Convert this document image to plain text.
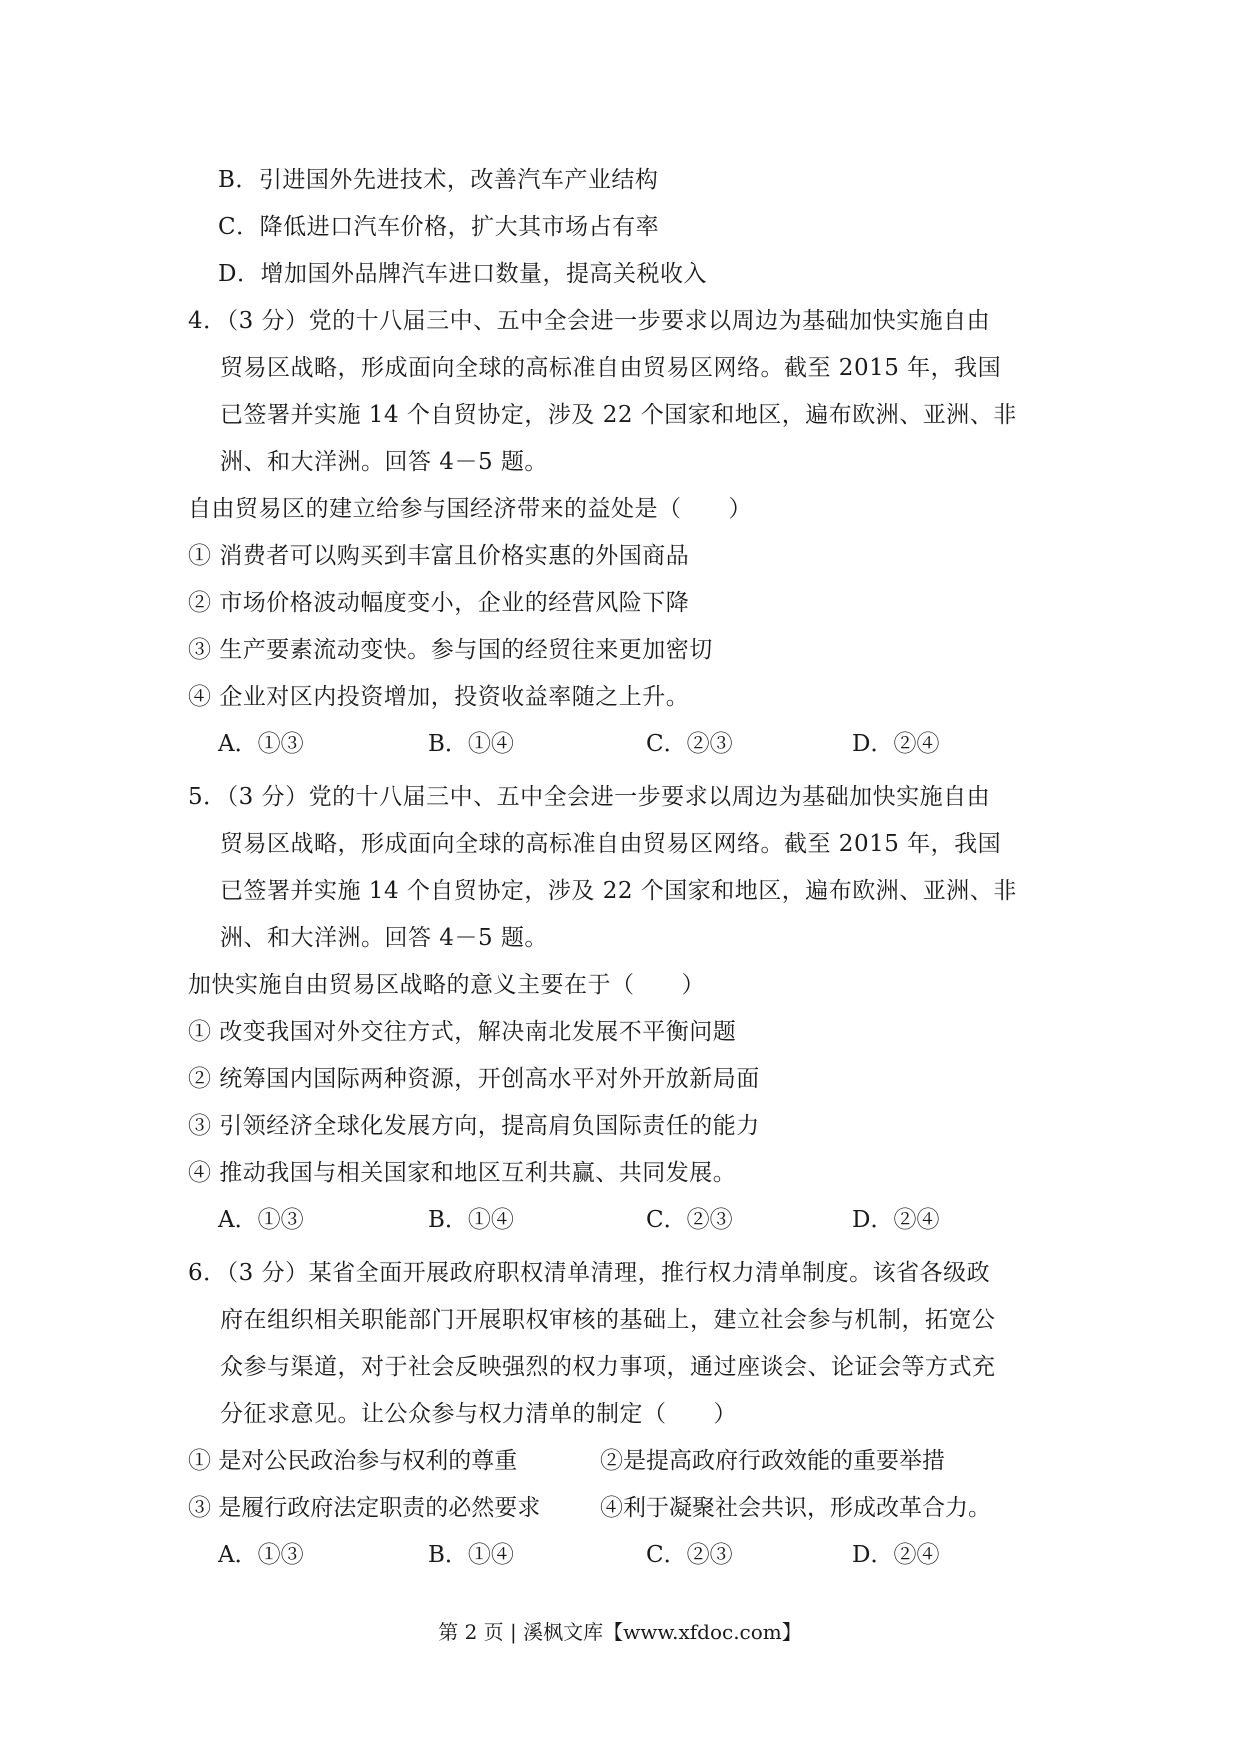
B．引进国外先进技术，改善汽车产业结构
C．降低进口汽车价格，扩大其市场占有率
D．增加国外品牌汽车进口数量，提高关税收入
4．（3 分）党的十八届三中、五中全会进一步要求以周边为基础加快实施自由
贸易区战略，形成面向全球的高标准自由贸易区网络。截至 2015 年，我国
已签署并实施 14 个自贸协定，涉及 22 个国家和地区，遍布欧洲、亚洲、非
洲、和大洋洲。回答 4－5 题。
自由贸易区的建立给参与国经济带来的益处是（　　）
① 消费者可以购买到丰富且价格实惠的外国商品
② 市场价格波动幅度变小，企业的经营风险下降
③ 生产要素流动变快。参与国的经贸往来更加密切
④ 企业对区内投资增加，投资收益率随之上升。
A．①③	B．①④	C．②③	D．②④
5．（3 分）党的十八届三中、五中全会进一步要求以周边为基础加快实施自由
贸易区战略，形成面向全球的高标准自由贸易区网络。截至 2015 年，我国
已签署并实施 14 个自贸协定，涉及 22 个国家和地区，遍布欧洲、亚洲、非
洲、和大洋洲。回答 4－5 题。
加快实施自由贸易区战略的意义主要在于（　　）
① 改变我国对外交往方式，解决南北发展不平衡问题
② 统筹国内国际两种资源，开创高水平对外开放新局面
③ 引领经济全球化发展方向，提高肩负国际责任的能力
④ 推动我国与相关国家和地区互利共赢、共同发展。
A．①③	B．①④	C．②③	D．②④
6．（3 分）某省全面开展政府职权清单清理，推行权力清单制度。该省各级政
府在组织相关职能部门开展职权审核的基础上，建立社会参与机制，拓宽公
众参与渠道，对于社会反映强烈的权力事项，通过座谈会、论证会等方式充
分征求意见。让公众参与权力清单的制定（　　）
① 是对公民政治参与权利的尊重	②是提高政府行政效能的重要举措
③ 是履行政府法定职责的必然要求	④利于凝聚社会共识，形成改革合力。
A．①③	B．①④	C．②③	D．②④
第 2 页 | 溪枫文库【www.xfdoc.com】
